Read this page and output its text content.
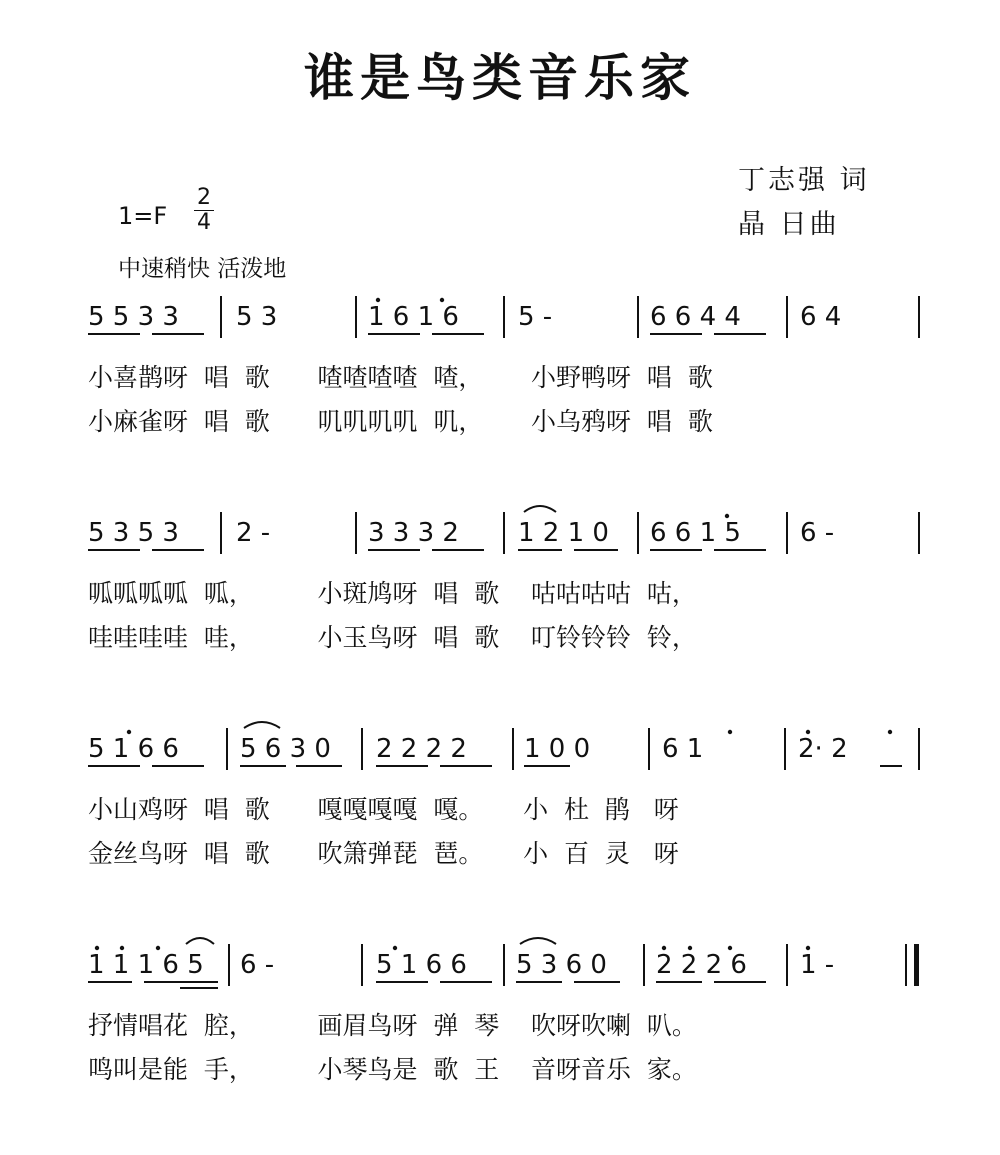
谁是鸟类音乐家
丁志强 词
晶 日曲
1=F
2
4
中速稍快 活泼地
5 5 3 3 5 3	1 6 1 6 5 -	6 6 4 4 6 4
小喜鹊呀  唱  歌      喳喳喳喳  喳，      小野鸭呀  唱  歌
小麻雀呀  唱  歌      叽叽叽叽  叽，      小乌鸦呀  唱  歌
5 3 5 3 2 -	3 3 3 2 1 2 1 0 6 6 1 5 6 -
呱呱呱呱  呱，        小斑鸠呀  唱  歌    咕咕咕咕  咕，
哇哇哇哇  哇，        小玉鸟呀  唱  歌    叮铃铃铃  铃，
5 1 6 6 5 6 3 0 2 2 2 2 1 0 0	6 1	2· 2
小山鸡呀  唱  歌      嘎嘎嘎嘎  嘎。     小  杜  鹃   呀
金丝鸟呀  唱  歌      吹箫弹琵  琶。     小  百  灵   呀
1 1 1 6 5 6 -	5 1 6 6 5 3 6 0 2 2 2 6 1 -
抒情唱花  腔，        画眉鸟呀  弹  琴    吹呀吹喇  叭。
鸣叫是能  手，        小琴鸟是  歌  王    音呀音乐  家。
